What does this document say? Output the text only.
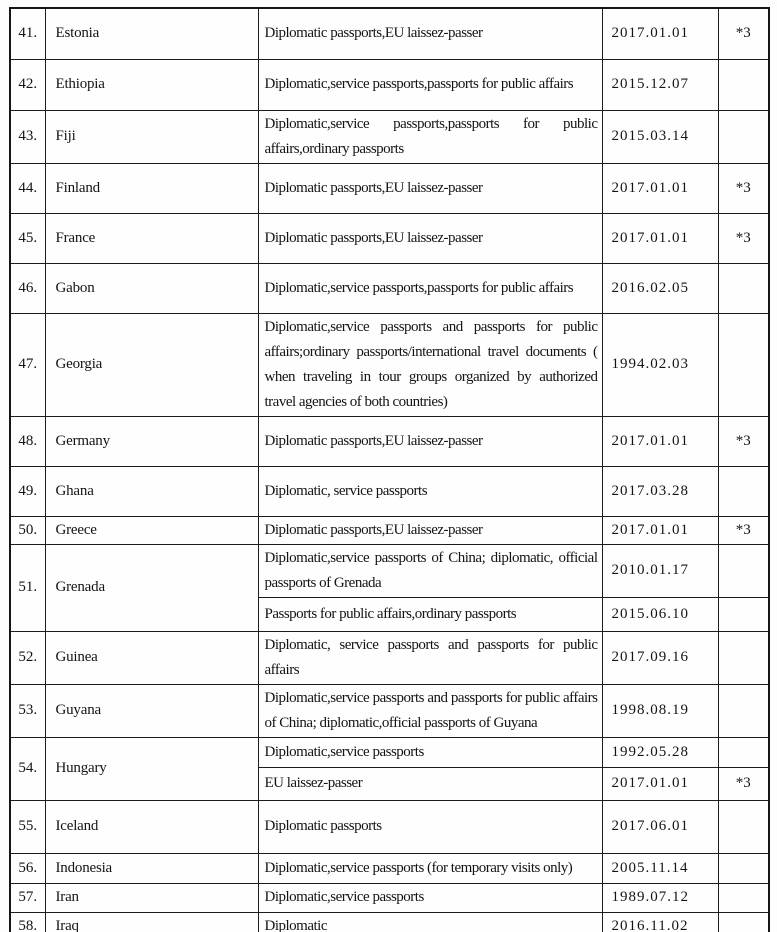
41.	Estonia	Diplomatic passports,EU laissez-passer	2017.01.01	*3
42.	Ethiopia	Diplomatic,service passports,passports for public affairs	2015.12.07	
43.	Fiji	Diplomatic,service passports,passports for public affairs,ordinary passports	2015.03.14	
44.	Finland	Diplomatic passports,EU laissez-passer	2017.01.01	*3
45.	France	Diplomatic passports,EU laissez-passer	2017.01.01	*3
46.	Gabon	Diplomatic,service passports,passports for public affairs	2016.02.05	
47.	Georgia	Diplomatic,service passports and passports for public affairs;ordinary passports/international travel documents ( when traveling in tour groups organized by authorized travel agencies of both countries)	1994.02.03	
48.	Germany	Diplomatic passports,EU laissez-passer	2017.01.01	*3
49.	Ghana	Diplomatic, service passports	2017.03.28	
50.	Greece	Diplomatic passports,EU laissez-passer	2017.01.01	*3
51.	Grenada	Diplomatic,service passports of China; diplomatic, official passports of Grenada	2010.01.17	
		Passports for public affairs,ordinary passports	2015.06.10	
52.	Guinea	Diplomatic, service passports and passports for public affairs	2017.09.16	
53.	Guyana	Diplomatic,service passports and passports for public affairs of China; diplomatic,official passports of Guyana	1998.08.19	
54.	Hungary	Diplomatic,service passports	1992.05.28	
		EU laissez-passer	2017.01.01	*3
55.	Iceland	Diplomatic passports	2017.06.01	
56.	Indonesia	Diplomatic,service passports (for temporary visits only)	2005.11.14	
57.	Iran	Diplomatic,service passports	1989.07.12	
58.	Iraq	Diplomatic	2016.11.02	
